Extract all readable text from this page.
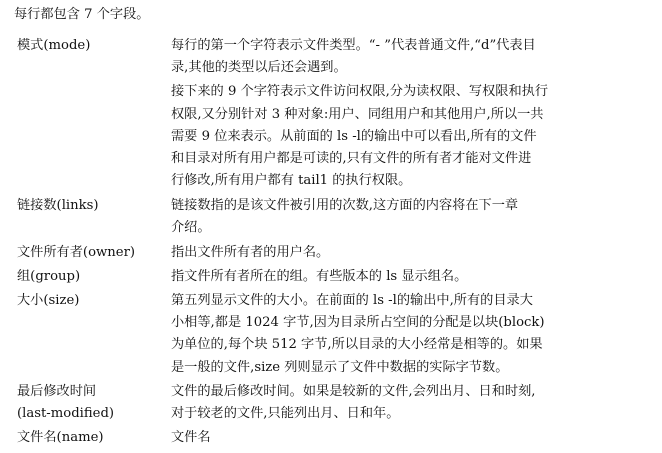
每行都包含 7 个字段。
模式(mode)	每行的第一个字符表示文件类型。“- ”代表普通文件,“d”代表目

录,其他的类型以后还会遇到。

接下来的 9 个字符表示文件访问权限,分为读权限、写权限和执行

权限,又分别针对 3 种对象:用户、同组用户和其他用户,所以一共

需要 9 位来表示。从前面的 ls -l的输出中可以看出,所有的文件

和目录对所有用户都是可读的,只有文件的所有者才能对文件进

行修改,所有用户都有 tail1 的执行权限。

链接数(links)	链接数指的是该文件被引用的次数,这方面的内容将在下一章

介绍。

文件所有者(owner)	指出文件所有者的用户名。

组(group)	指文件所有者所在的组。有些版本的 ls 显示组名。

大小(size)	第五列显示文件的大小。在前面的 ls -l的输出中,所有的目录大

小相等,都是 1024 字节,因为目录所占空间的分配是以块(block)

为单位的,每个块 512 字节,所以目录的大小经常是相等的。如果

是一般的文件,size 列则显示了文件中数据的实际字节数。

最后修改时间
(last-modified)

文件的最后修改时间。如果是较新的文件,会列出月、日和时刻,

对于较老的文件,只能列出月、日和年。

文件名(name)	文件名
